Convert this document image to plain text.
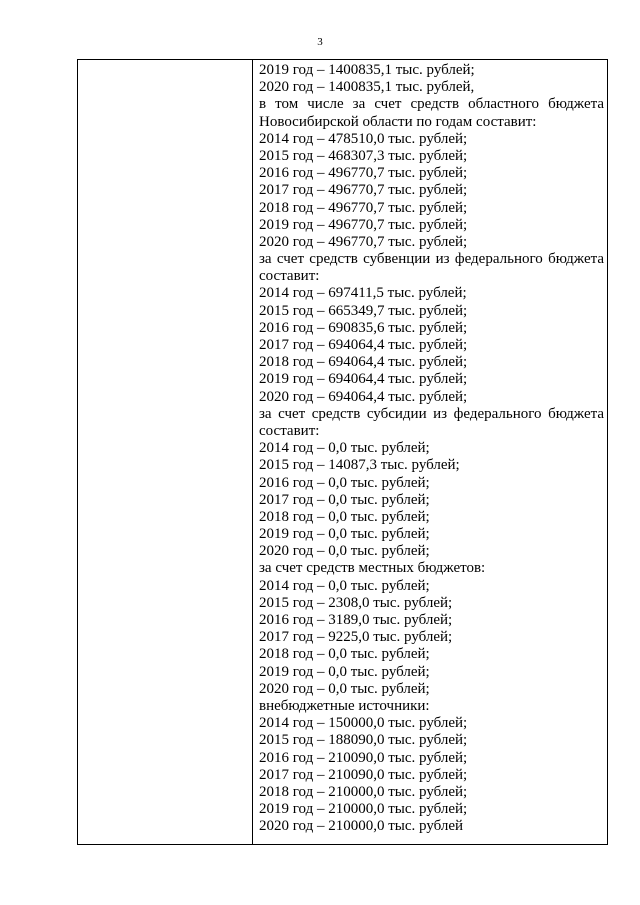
3
2019 год – 1400835,1 тыс. рублей;
2020 год – 1400835,1 тыс. рублей,
в том числе за счет средств областного бюджета
Новосибирской области по годам составит:
2014 год – 478510,0 тыс. рублей;
2015 год – 468307,3 тыс. рублей;
2016 год – 496770,7 тыс. рублей;
2017 год – 496770,7 тыс. рублей;
2018 год – 496770,7 тыс. рублей;
2019 год – 496770,7 тыс. рублей;
2020 год – 496770,7 тыс. рублей;
за счет средств субвенции из федерального бюджета
составит:
2014 год – 697411,5 тыс. рублей;
2015 год – 665349,7 тыс. рублей;
2016 год – 690835,6 тыс. рублей;
2017 год – 694064,4 тыс. рублей;
2018 год – 694064,4 тыс. рублей;
2019 год – 694064,4 тыс. рублей;
2020 год – 694064,4 тыс. рублей;
за счет средств субсидии из федерального бюджета
составит:
2014 год – 0,0 тыс. рублей;
2015 год – 14087,3 тыс. рублей;
2016 год – 0,0 тыс. рублей;
2017 год – 0,0 тыс. рублей;
2018 год – 0,0 тыс. рублей;
2019 год – 0,0 тыс. рублей;
2020 год – 0,0 тыс. рублей;
за счет средств местных бюджетов:
2014 год – 0,0 тыс. рублей;
2015 год – 2308,0 тыс. рублей;
2016 год – 3189,0 тыс. рублей;
2017 год – 9225,0 тыс. рублей;
2018 год – 0,0 тыс. рублей;
2019 год – 0,0 тыс. рублей;
2020 год – 0,0 тыс. рублей;
внебюджетные источники:
2014 год – 150000,0 тыс. рублей;
2015 год – 188090,0 тыс. рублей;
2016 год – 210090,0 тыс. рублей;
2017 год – 210090,0 тыс. рублей;
2018 год – 210000,0 тыс. рублей;
2019 год – 210000,0 тыс. рублей;
2020 год – 210000,0 тыс. рублей
